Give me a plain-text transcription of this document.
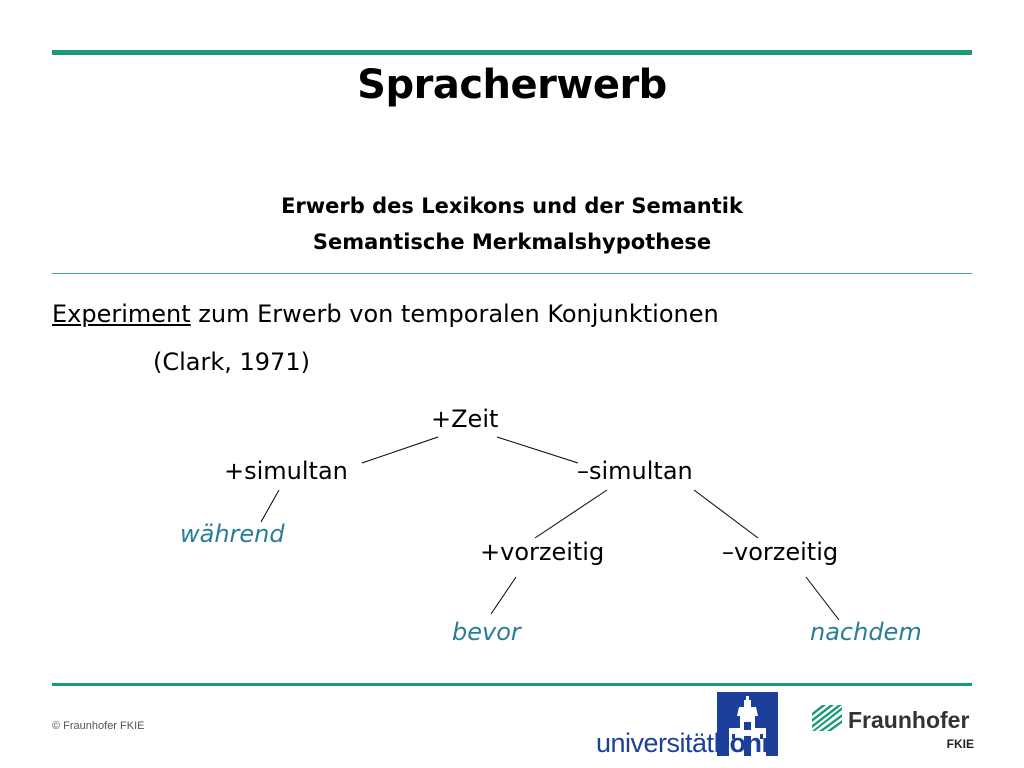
Spracherwerb
Erwerb des Lexikons und der Semantik
Semantische Merkmalshypothese
Experiment zum Erwerb von temporalen Konjunktionen
(Clark, 1971)
+Zeit
+simultan	–simultan
+vorzeitig	–vorzeitig
während
bevor	nachdem
© Fraunhofer FKIE
universitätbonn
Fraunhofer
FKIE
